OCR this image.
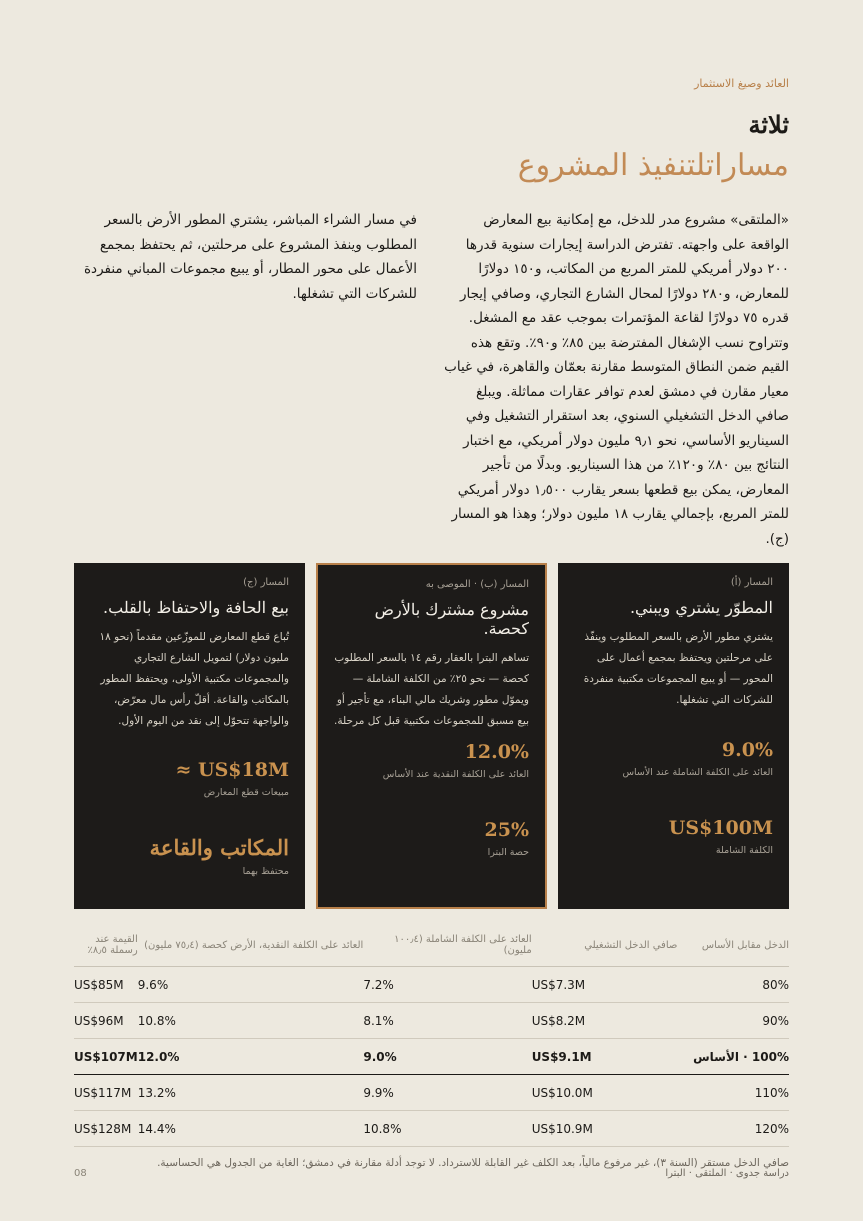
العائد وصيغ الاستثمار
ثلاثة
مساراتلتنفيذ المشروع

«الملتقى» مشروع مدر للدخل، مع إمكانية بيع المعارض الواقعة على واجهته. تفترض الدراسة إيجارات سنوية قدرها ٢٠٠ دولار أمريكي للمتر المربع من المكاتب، و١٥٠ دولارًا للمعارض، و٢٨٠ دولارًا لمحال الشارع التجاري، وصافي إيجار قدره ٧٥ دولارًا لقاعة المؤتمرات بموجب عقد مع المشغل. وتتراوح نسب الإشغال المفترضة بين ٨٥٪ و٩٠٪. وتقع هذه القيم ضمن النطاق المتوسط مقارنة بعمّان والقاهرة، في غياب معيار مقارن في دمشق لعدم توافر عقارات مماثلة. ويبلغ صافي الدخل التشغيلي السنوي، بعد استقرار التشغيل وفي السيناريو الأساسي، نحو ٩٫١ مليون دولار أمريكي، مع اختبار النتائج بين ٨٠٪ و١٢٠٪ من هذا السيناريو. وبدلًا من تأجير المعارض، يمكن بيع قطعها بسعر يقارب ١٫٥٠٠ دولار أمريكي للمتر المربع، بإجمالي يقارب ١٨ مليون دولار؛ وهذا هو المسار (ج).

في مسار الشراء المباشر، يشتري المطور الأرض بالسعر المطلوب وينفذ المشروع على مرحلتين، ثم يحتفظ بمجمع الأعمال على محور المطار، أو يبيع مجموعات المباني منفردة للشركات التي تشغلها.

المسار (أ)
المطوّر يشتري ويبني.
يشتري مطور الأرض بالسعر المطلوب وينفّذ على مرحلتين ويحتفظ بمجمع أعمال على المحور — أو يبيع المجموعات مكتبية منفردة للشركات التي تشغلها.
9.0%
العائد على الكلفة الشاملة عند الأساس
US$100M
الكلفة الشاملة
المسار (ب) · الموصى به
مشروع مشترك بالأرض كحصة.
تساهم البترا بالعقار رقم ١٤ بالسعر المطلوب كحصة — نحو ٢٥٪ من الكلفة الشاملة — ويموّل مطور وشريك مالي البناء، مع تأجير أو بيع مسبق للمجموعات مكتبية قبل كل مرحلة.
12.0%
العائد على الكلفة النقدية عند الأساس
25%
حصة البترا
المسار (ج)
بيع الحافة والاحتفاظ بالقلب.
تُباع قطع المعارض للموزّعين مقدماً (نحو ١٨ مليون دولار) لتمويل الشارع التجاري والمجموعات مكتبية الأولى، ويحتفظ المطور بالمكاتب والقاعة. أقلّ رأس مال معرّض، والواجهة تتحوّل إلى نقد من اليوم الأول.
≈ US$18M
مبيعات قطع المعارض
المكاتب والقاعة
محتفظ بهما
الدخل مقابل الأساس	صافي الدخل التشغيلي	العائد على الكلفة الشاملة (١٠٠٫٤ مليون)	العائد على الكلفة النقدية، الأرض كحصة (٧٥٫٤ مليون)	القيمة عند رسملة ٨٫٥٪
80%	US$7.3M	7.2%	9.6%	US$85M
90%	US$8.2M	8.1%	10.8%	US$96M
100% · الأساس	US$9.1M	9.0%	12.0%	US$107M
110%	US$10.0M	9.9%	13.2%	US$117M
120%	US$10.9M	10.8%	14.4%	US$128M
صافي الدخل مستقر (السنة ٣)، غير مرفوع مالياً، بعد الكلف غير القابلة للاسترداد. لا توجد أدلة مقارنة في دمشق؛ الغاية من الجدول هي الحساسية.
دراسة جدوى · الملتقى · البترا
08
